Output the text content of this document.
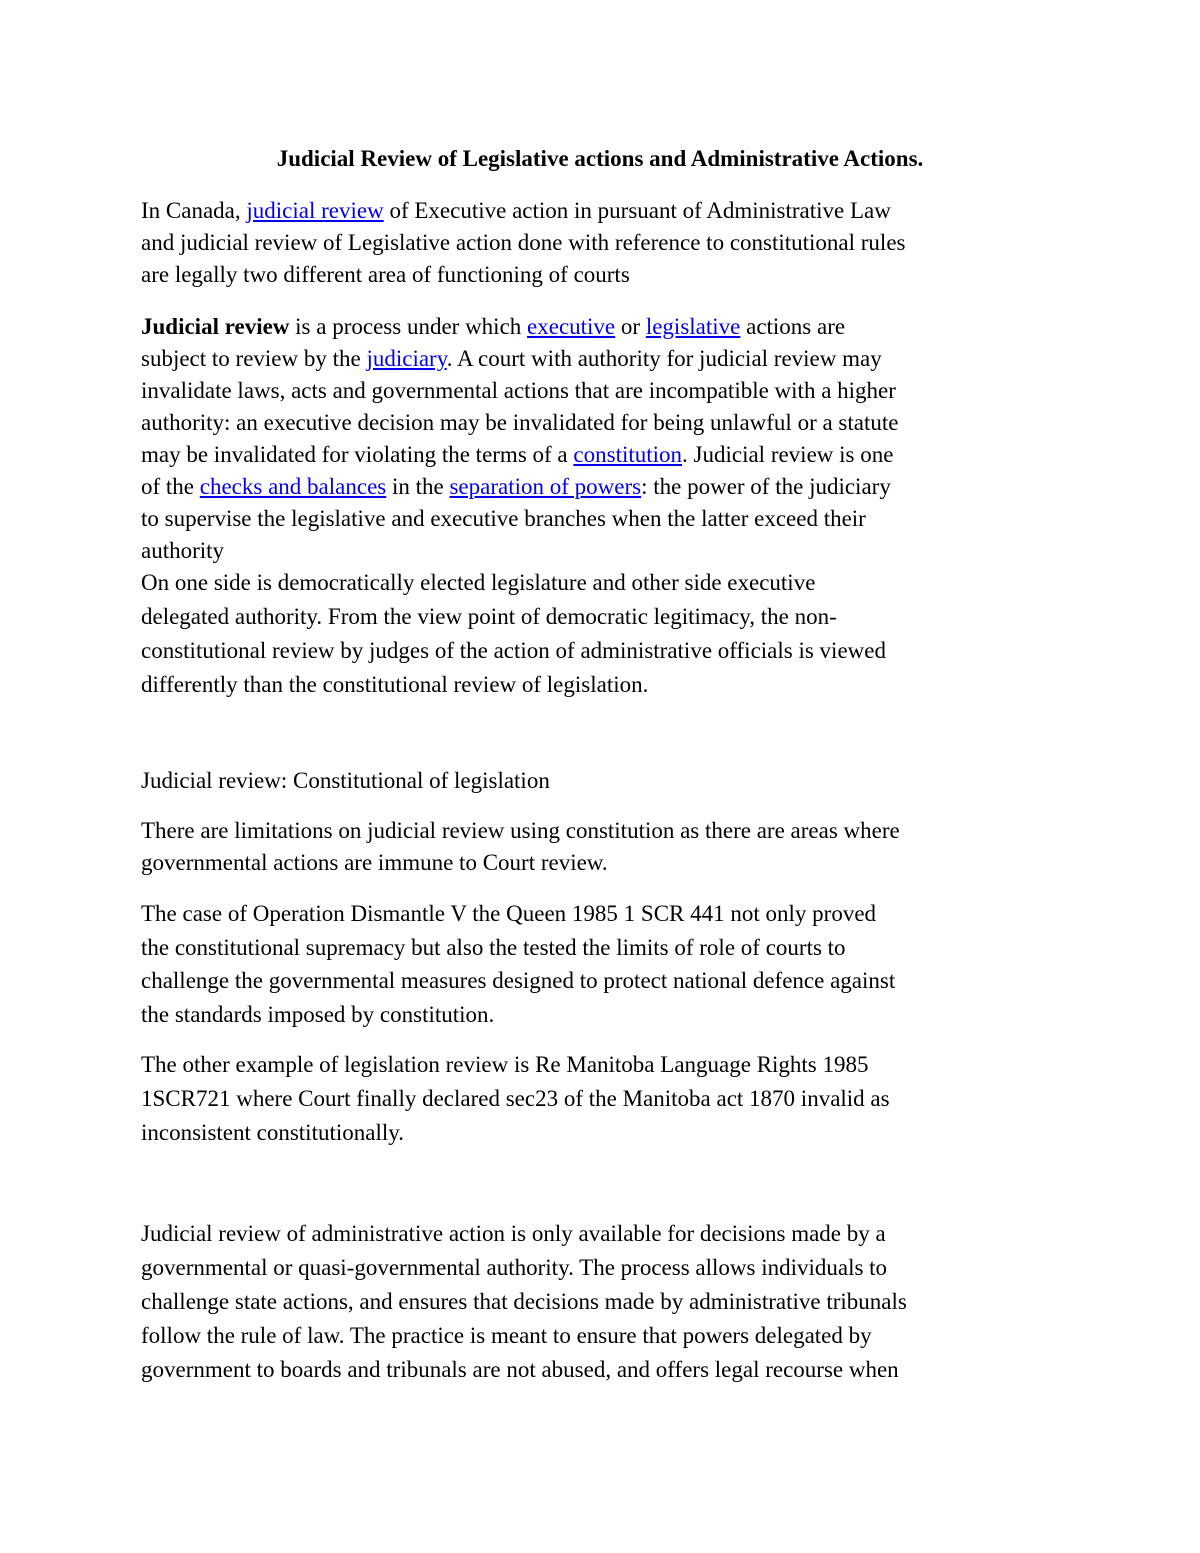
Judicial Review of Legislative actions and Administrative Actions.
In Canada, judicial review of Executive action in pursuant of Administrative Law
and judicial review of Legislative action done with reference to constitutional rules
are legally two different area of functioning of courts
Judicial review is a process under which executive or legislative actions are
subject to review by the judiciary. A court with authority for judicial review may
invalidate laws, acts and governmental actions that are incompatible with a higher
authority: an executive decision may be invalidated for being unlawful or a statute
may be invalidated for violating the terms of a constitution. Judicial review is one
of the checks and balances in the separation of powers: the power of the judiciary
to supervise the legislative and executive branches when the latter exceed their
authority
On one side is democratically elected legislature and other side executive
delegated authority. From the view point of democratic legitimacy, the non-
constitutional review by judges of the action of administrative officials is viewed
differently than the constitutional review of legislation.
Judicial review: Constitutional of legislation
There are limitations on judicial review using constitution as there are areas where
governmental actions are immune to Court review.
The case of Operation Dismantle V the Queen 1985 1 SCR 441 not only proved
the constitutional supremacy but also the tested the limits of role of courts to
challenge the governmental measures designed to protect national defence against
the standards imposed by constitution.
The other example of legislation review is Re Manitoba Language Rights 1985
1SCR721 where Court finally declared sec23 of the Manitoba act 1870 invalid as
inconsistent constitutionally.
Judicial review of administrative action is only available for decisions made by a
governmental or quasi-governmental authority. The process allows individuals to
challenge state actions, and ensures that decisions made by administrative tribunals
follow the rule of law. The practice is meant to ensure that powers delegated by
government to boards and tribunals are not abused, and offers legal recourse when
